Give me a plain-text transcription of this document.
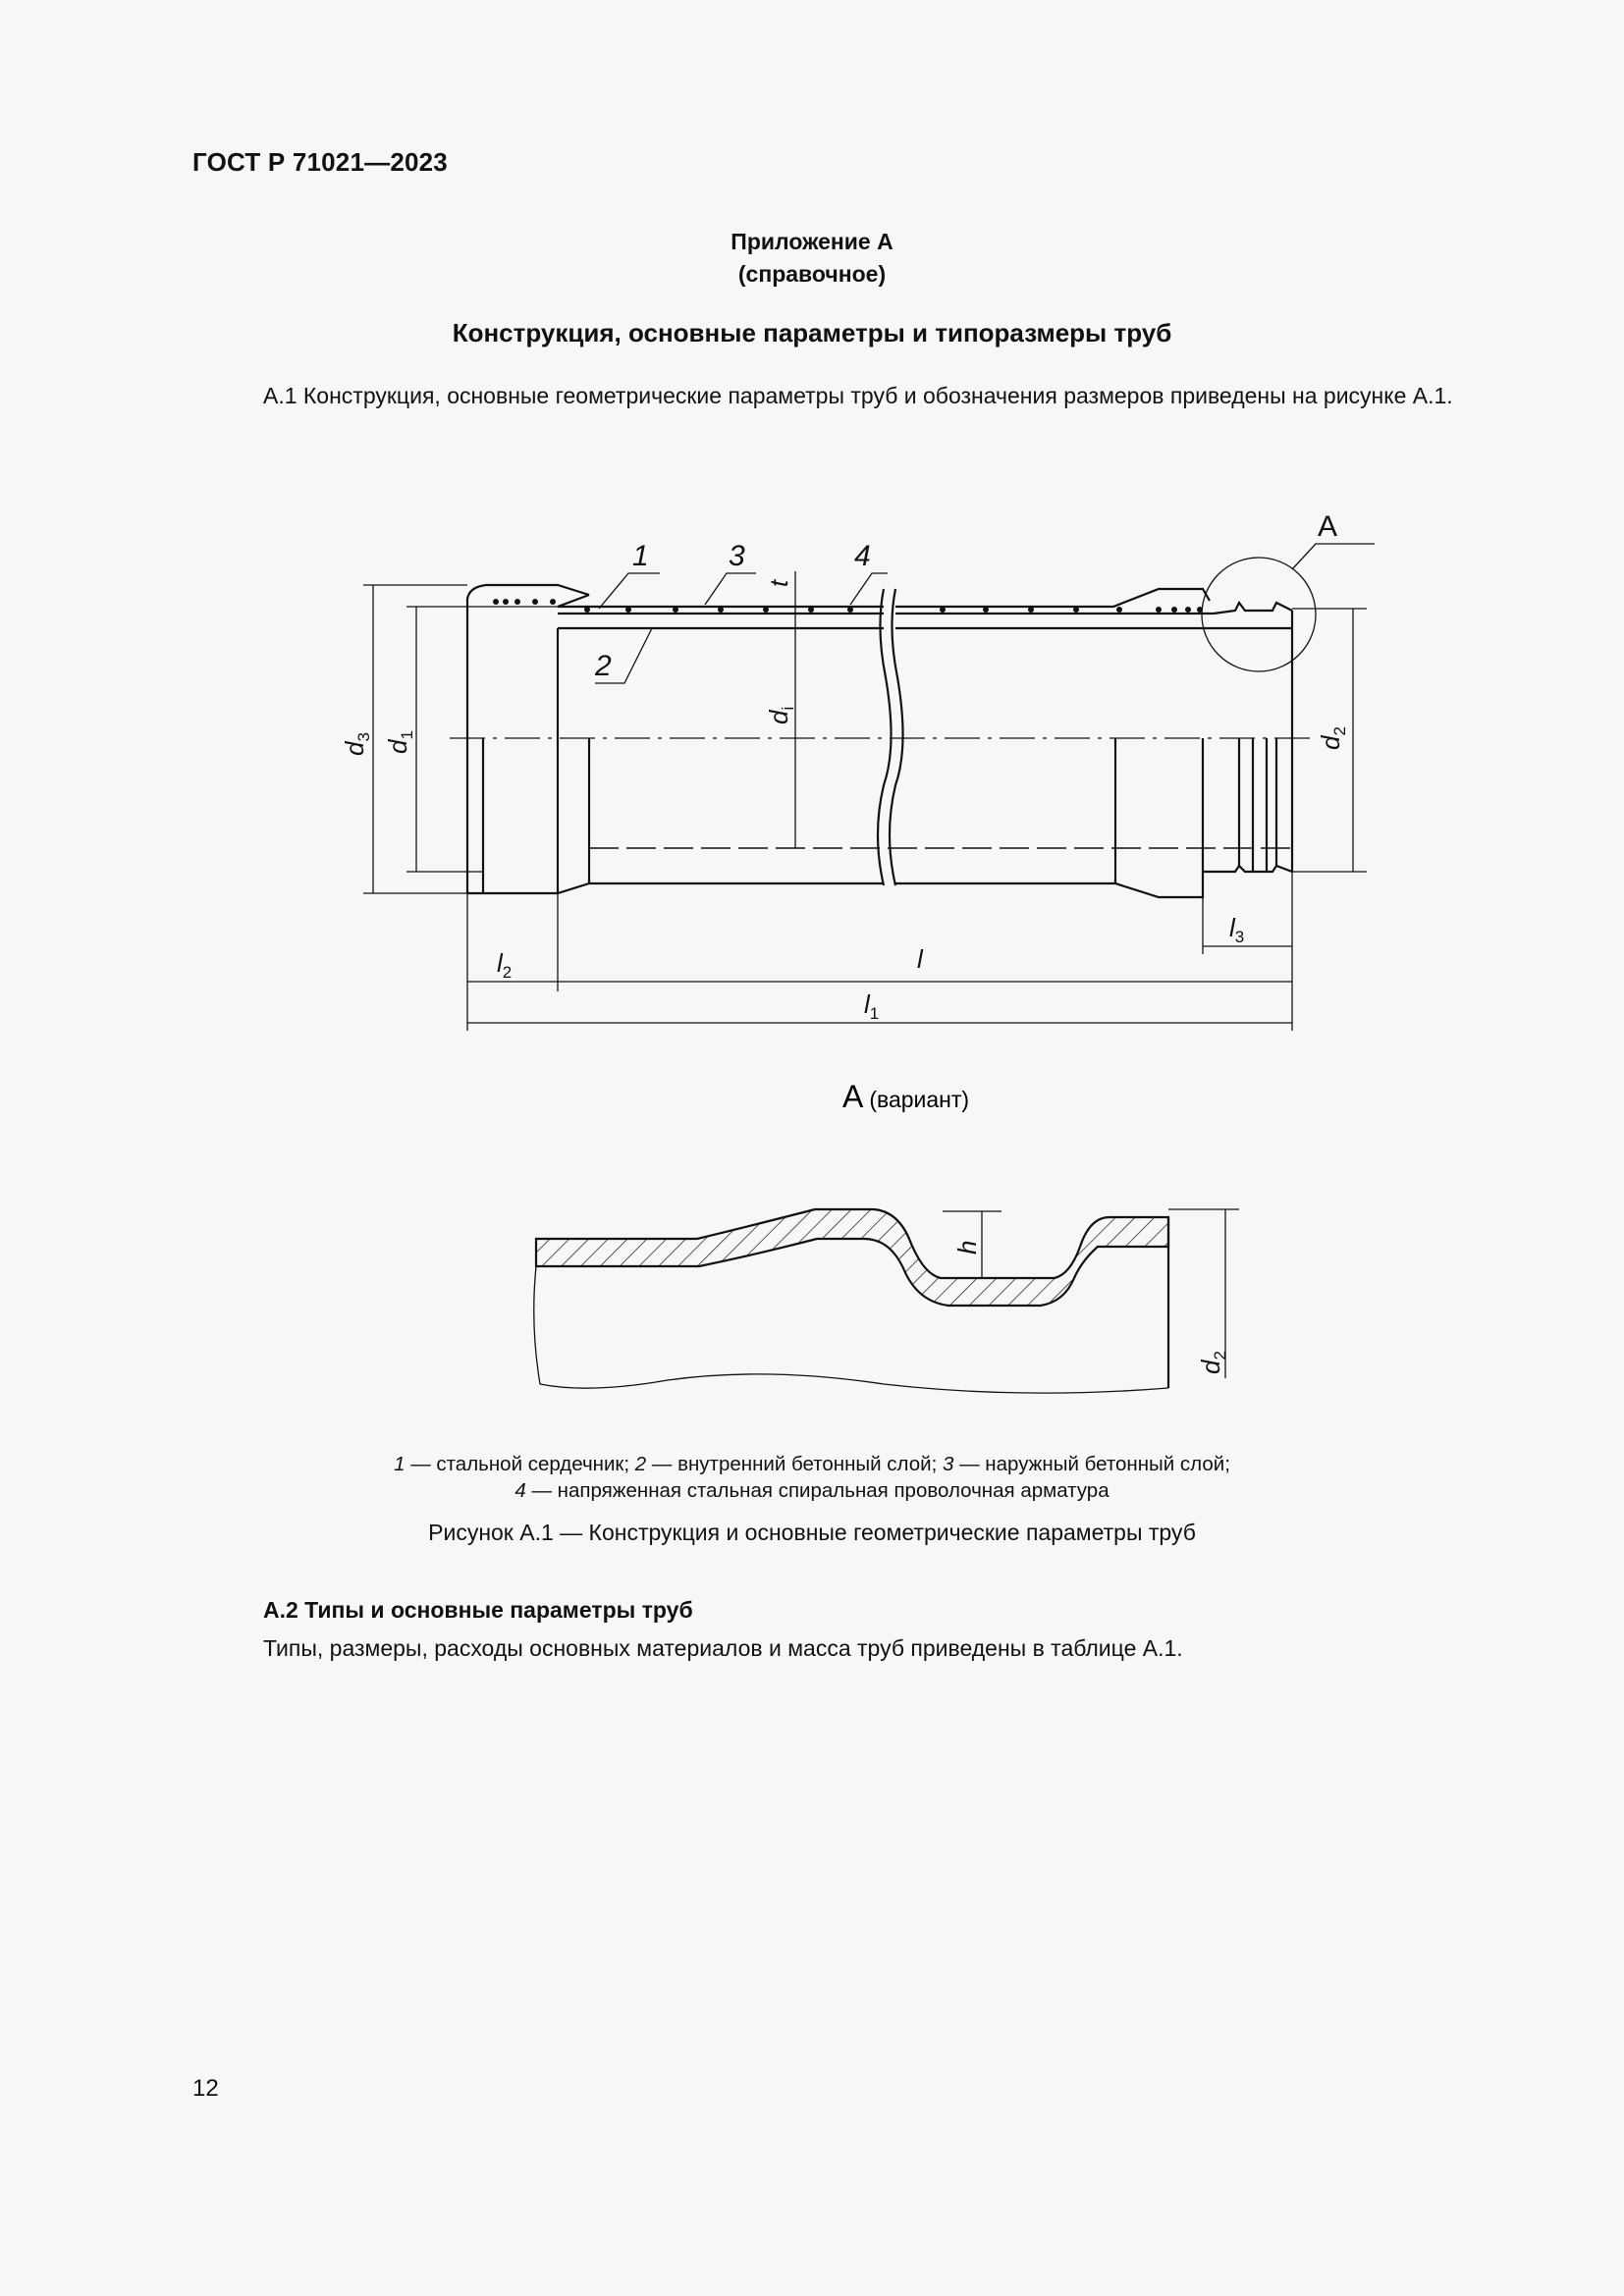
ГОСТ Р 71021—2023
Приложение А
(справочное)
Конструкция, основные параметры и типоразмеры труб
А.1 Конструкция, основные геометрические параметры труб и обозначения размеров приведены на рисунке А.1.
А
1	3	4
2
$d_3$
$d_1$
$d_i$
$d_2$
t
$l_2$	l
$l_1$
$l_3$
А (вариант)
h
$d_2$
1 — стальной сердечник; 2 — внутренний бетонный слой; 3 — наружный бетонный слой;
4 — напряженная стальная спиральная проволочная арматура
Рисунок А.1 — Конструкция и основные геометрические параметры труб
А.2 Типы и основные параметры труб
Типы, размеры, расходы основных материалов и масса труб приведены в таблице А.1.
12
